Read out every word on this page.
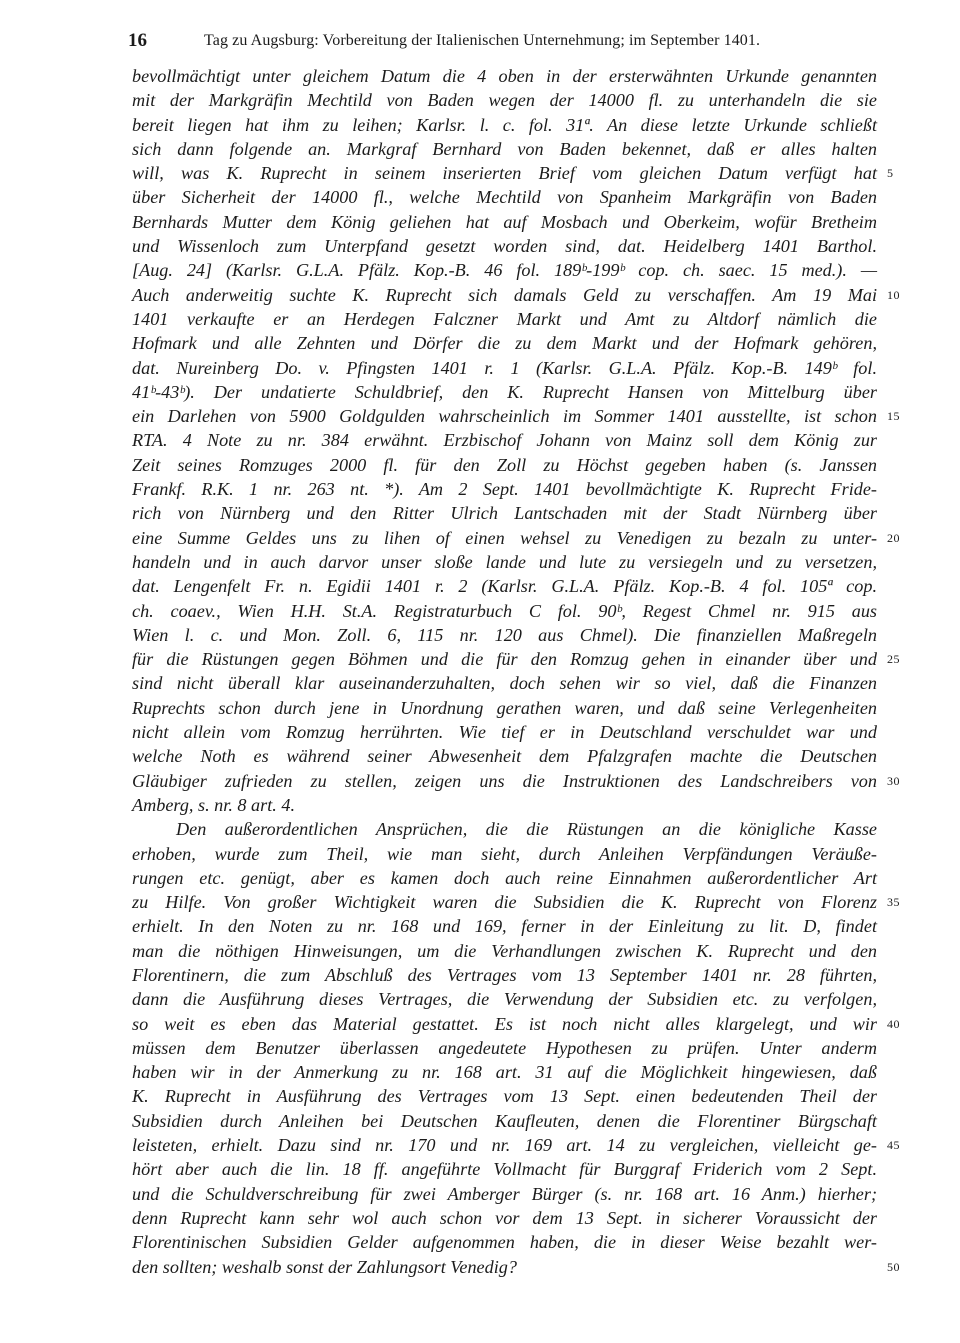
16	Tag zu Augsburg: Vorbereitung der Italienischen Unternehmung; im September 1401.
bevollmächtigt unter gleichem Datum die 4 oben in der ersterwähnten Urkunde genannten
mit der Markgräfin Mechtild von Baden wegen der 14000 fl. zu unterhandeln die sie
bereit liegen hat ihm zu leihen; Karlsr. l. c. fol. 31ª. An diese letzte Urkunde schließt
sich dann folgende an. Markgraf Bernhard von Baden bekennet, daß er alles halten
will, was K. Ruprecht in seinem inserierten Brief vom gleichen Datum verfügt hat 5
über Sicherheit der 14000 fl., welche Mechtild von Spanheim Markgräfin von Baden
Bernhards Mutter dem König geliehen hat auf Mosbach und Oberkeim, wofür Bretheim
und Wissenloch zum Unterpfand gesetzt worden sind, dat. Heidelberg 1401 Barthol.
[Aug. 24] (Karlsr. G.L.A. Pfälz. Kop.-B. 46 fol. 189ᵇ-199ᵇ cop. ch. saec. 15 med.). —
Auch anderweitig suchte K. Ruprecht sich damals Geld zu verschaffen. Am 19 Mai 10
1401 verkaufte er an Herdegen Falczner Markt und Amt zu Altdorf nämlich die
Hofmark und alle Zehnten und Dörfer die zu dem Markt und der Hofmark gehören,
dat. Nureinberg Do. v. Pfingsten 1401 r. 1 (Karlsr. G.L.A. Pfälz. Kop.-B. 149ᵇ fol.
41ᵇ-43ᵇ). Der undatierte Schuldbrief, den K. Ruprecht Hansen von Mittelburg über
ein Darlehen von 5900 Goldgulden wahrscheinlich im Sommer 1401 ausstellte, ist schon 15
RTA. 4 Note zu nr. 384 erwähnt. Erzbischof Johann von Mainz soll dem König zur
Zeit seines Romzuges 2000 fl. für den Zoll zu Höchst gegeben haben (s. Janssen
Frankf. R.K. 1 nr. 263 nt. *). Am 2 Sept. 1401 bevollmächtigte K. Ruprecht Fride-
rich von Nürnberg und den Ritter Ulrich Lantschaden mit der Stadt Nürnberg über
eine Summe Geldes uns zu lihen of einen wehsel zu Venedigen zu bezaln zu unter- 20
handeln und in auch darvor unser sloße lande und lute zu versiegeln und zu versetzen,
dat. Lengenfelt Fr. n. Egidii 1401 r. 2 (Karlsr. G.L.A. Pfälz. Kop.-B. 4 fol. 105ª cop.
ch. coaev., Wien H.H. St.A. Registraturbuch C fol. 90ᵇ, Regest Chmel nr. 915 aus
Wien l. c. und Mon. Zoll. 6, 115 nr. 120 aus Chmel). Die finanziellen Maßregeln
für die Rüstungen gegen Böhmen und die für den Romzug gehen in einander über und 25
sind nicht überall klar auseinanderzuhalten, doch sehen wir so viel, daß die Finanzen
Ruprechts schon durch jene in Unordnung gerathen waren, und daß seine Verlegenheiten
nicht allein vom Romzug herrührten. Wie tief er in Deutschland verschuldet war und
welche Noth es während seiner Abwesenheit dem Pfalzgrafen machte die Deutschen
Gläubiger zufrieden zu stellen, zeigen uns die Instruktionen des Landschreibers von 30
Amberg, s. nr. 8 art. 4.
Den außerordentlichen Ansprüchen, die die Rüstungen an die königliche Kasse
erhoben, wurde zum Theil, wie man sieht, durch Anleihen Verpfändungen Veräuße-
rungen etc. genügt, aber es kamen doch auch reine Einnahmen außerordentlicher Art
zu Hilfe. Von großer Wichtigkeit waren die Subsidien die K. Ruprecht von Florenz 35
erhielt. In den Noten zu nr. 168 und 169, ferner in der Einleitung zu lit. D, findet
man die nöthigen Hinweisungen, um die Verhandlungen zwischen K. Ruprecht und den
Florentinern, die zum Abschluß des Vertrages vom 13 September 1401 nr. 28 führten,
dann die Ausführung dieses Vertrages, die Verwendung der Subsidien etc. zu verfolgen,
so weit es eben das Material gestattet. Es ist noch nicht alles klargelegt, und wir 40
müssen dem Benutzer überlassen angedeutete Hypothesen zu prüfen. Unter anderm
haben wir in der Anmerkung zu nr. 168 art. 31 auf die Möglichkeit hingewiesen, daß
K. Ruprecht in Ausführung des Vertrages vom 13 Sept. einen bedeutenden Theil der
Subsidien durch Anleihen bei Deutschen Kaufleuten, denen die Florentiner Bürgschaft
leisteten, erhielt. Dazu sind nr. 170 und nr. 169 art. 14 zu vergleichen, vielleicht ge- 45
hört aber auch die lin. 18 ff. angeführte Vollmacht für Burggraf Friderich vom 2 Sept.
und die Schuldverschreibung für zwei Amberger Bürger (s. nr. 168 art. 16 Anm.) hierher;
denn Ruprecht kann sehr wol auch schon vor dem 13 Sept. in sicherer Voraussicht der
Florentinischen Subsidien Gelder aufgenommen haben, die in dieser Weise bezahlt wer-
den sollten; weshalb sonst der Zahlungsort Venedig?	50
